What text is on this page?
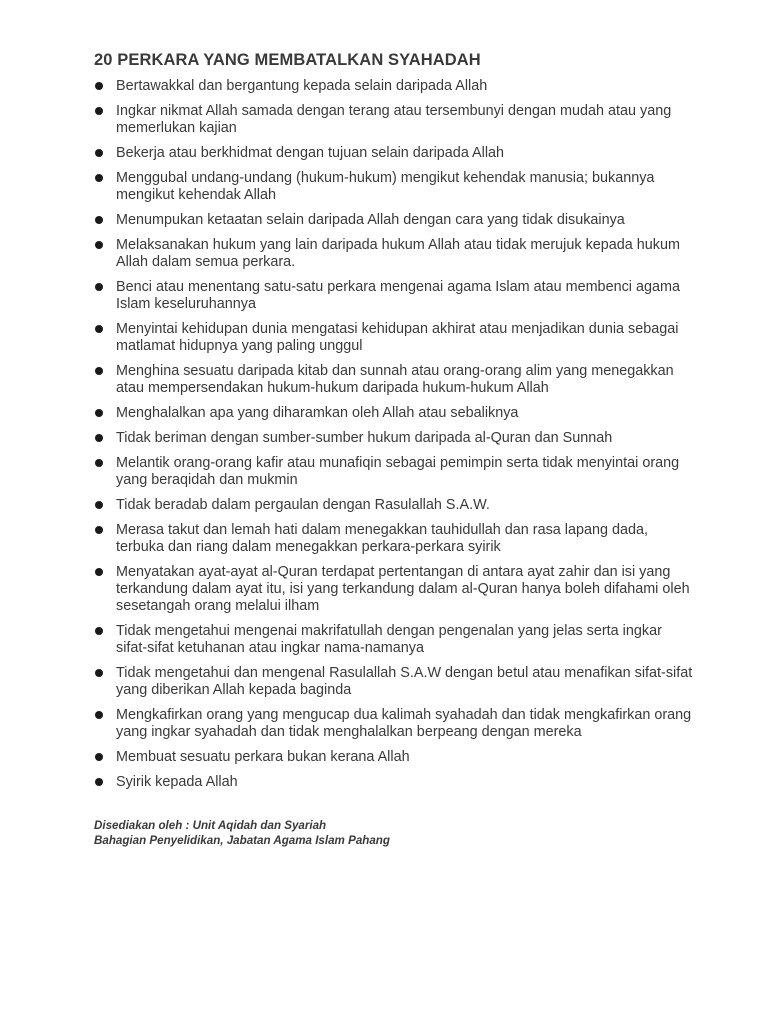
20 PERKARA YANG MEMBATALKAN SYAHADAH
Bertawakkal dan bergantung kepada selain daripada Allah
Ingkar nikmat Allah samada dengan terang atau tersembunyi dengan mudah atau yang memerlukan kajian
Bekerja atau berkhidmat dengan tujuan selain daripada Allah
Menggubal undang-undang (hukum-hukum) mengikut kehendak manusia; bukannya mengikut kehendak Allah
Menumpukan ketaatan selain daripada Allah dengan cara yang tidak disukainya
Melaksanakan hukum yang lain daripada hukum Allah atau tidak merujuk kepada hukum Allah dalam semua perkara.
Benci atau menentang satu-satu perkara mengenai agama Islam atau membenci agama Islam keseluruhannya
Menyintai kehidupan dunia mengatasi kehidupan akhirat atau menjadikan dunia sebagai matlamat hidupnya yang paling unggul
Menghina sesuatu daripada kitab dan sunnah atau orang-orang alim yang menegakkan atau mempersendakan hukum-hukum daripada hukum-hukum Allah
Menghalalkan apa yang diharamkan oleh Allah atau sebaliknya
Tidak beriman dengan sumber-sumber hukum daripada al-Quran dan Sunnah
Melantik orang-orang kafir atau munafiqin sebagai pemimpin serta tidak menyintai orang yang beraqidah dan mukmin
Tidak beradab dalam pergaulan dengan Rasulallah S.A.W.
Merasa takut dan lemah hati dalam menegakkan tauhidullah dan rasa lapang dada, terbuka dan riang dalam menegakkan perkara-perkara syirik
Menyatakan ayat-ayat al-Quran terdapat pertentangan di antara ayat zahir dan isi yang terkandung dalam ayat itu, isi yang terkandung dalam al-Quran hanya boleh difahami oleh sesetangah orang melalui ilham
Tidak mengetahui mengenai makrifatullah dengan pengenalan yang jelas serta ingkar sifat-sifat ketuhanan atau ingkar nama-namanya
Tidak mengetahui dan mengenal Rasulallah S.A.W dengan betul atau menafikan sifat-sifat yang diberikan Allah kepada baginda
Mengkafirkan orang yang mengucap dua kalimah syahadah dan tidak mengkafirkan orang yang ingkar syahadah dan tidak menghalalkan berpeang dengan mereka
Membuat sesuatu perkara bukan kerana Allah
Syirik kepada Allah
Disediakan oleh : Unit Aqidah dan Syariah
Bahagian Penyelidikan, Jabatan Agama Islam Pahang
